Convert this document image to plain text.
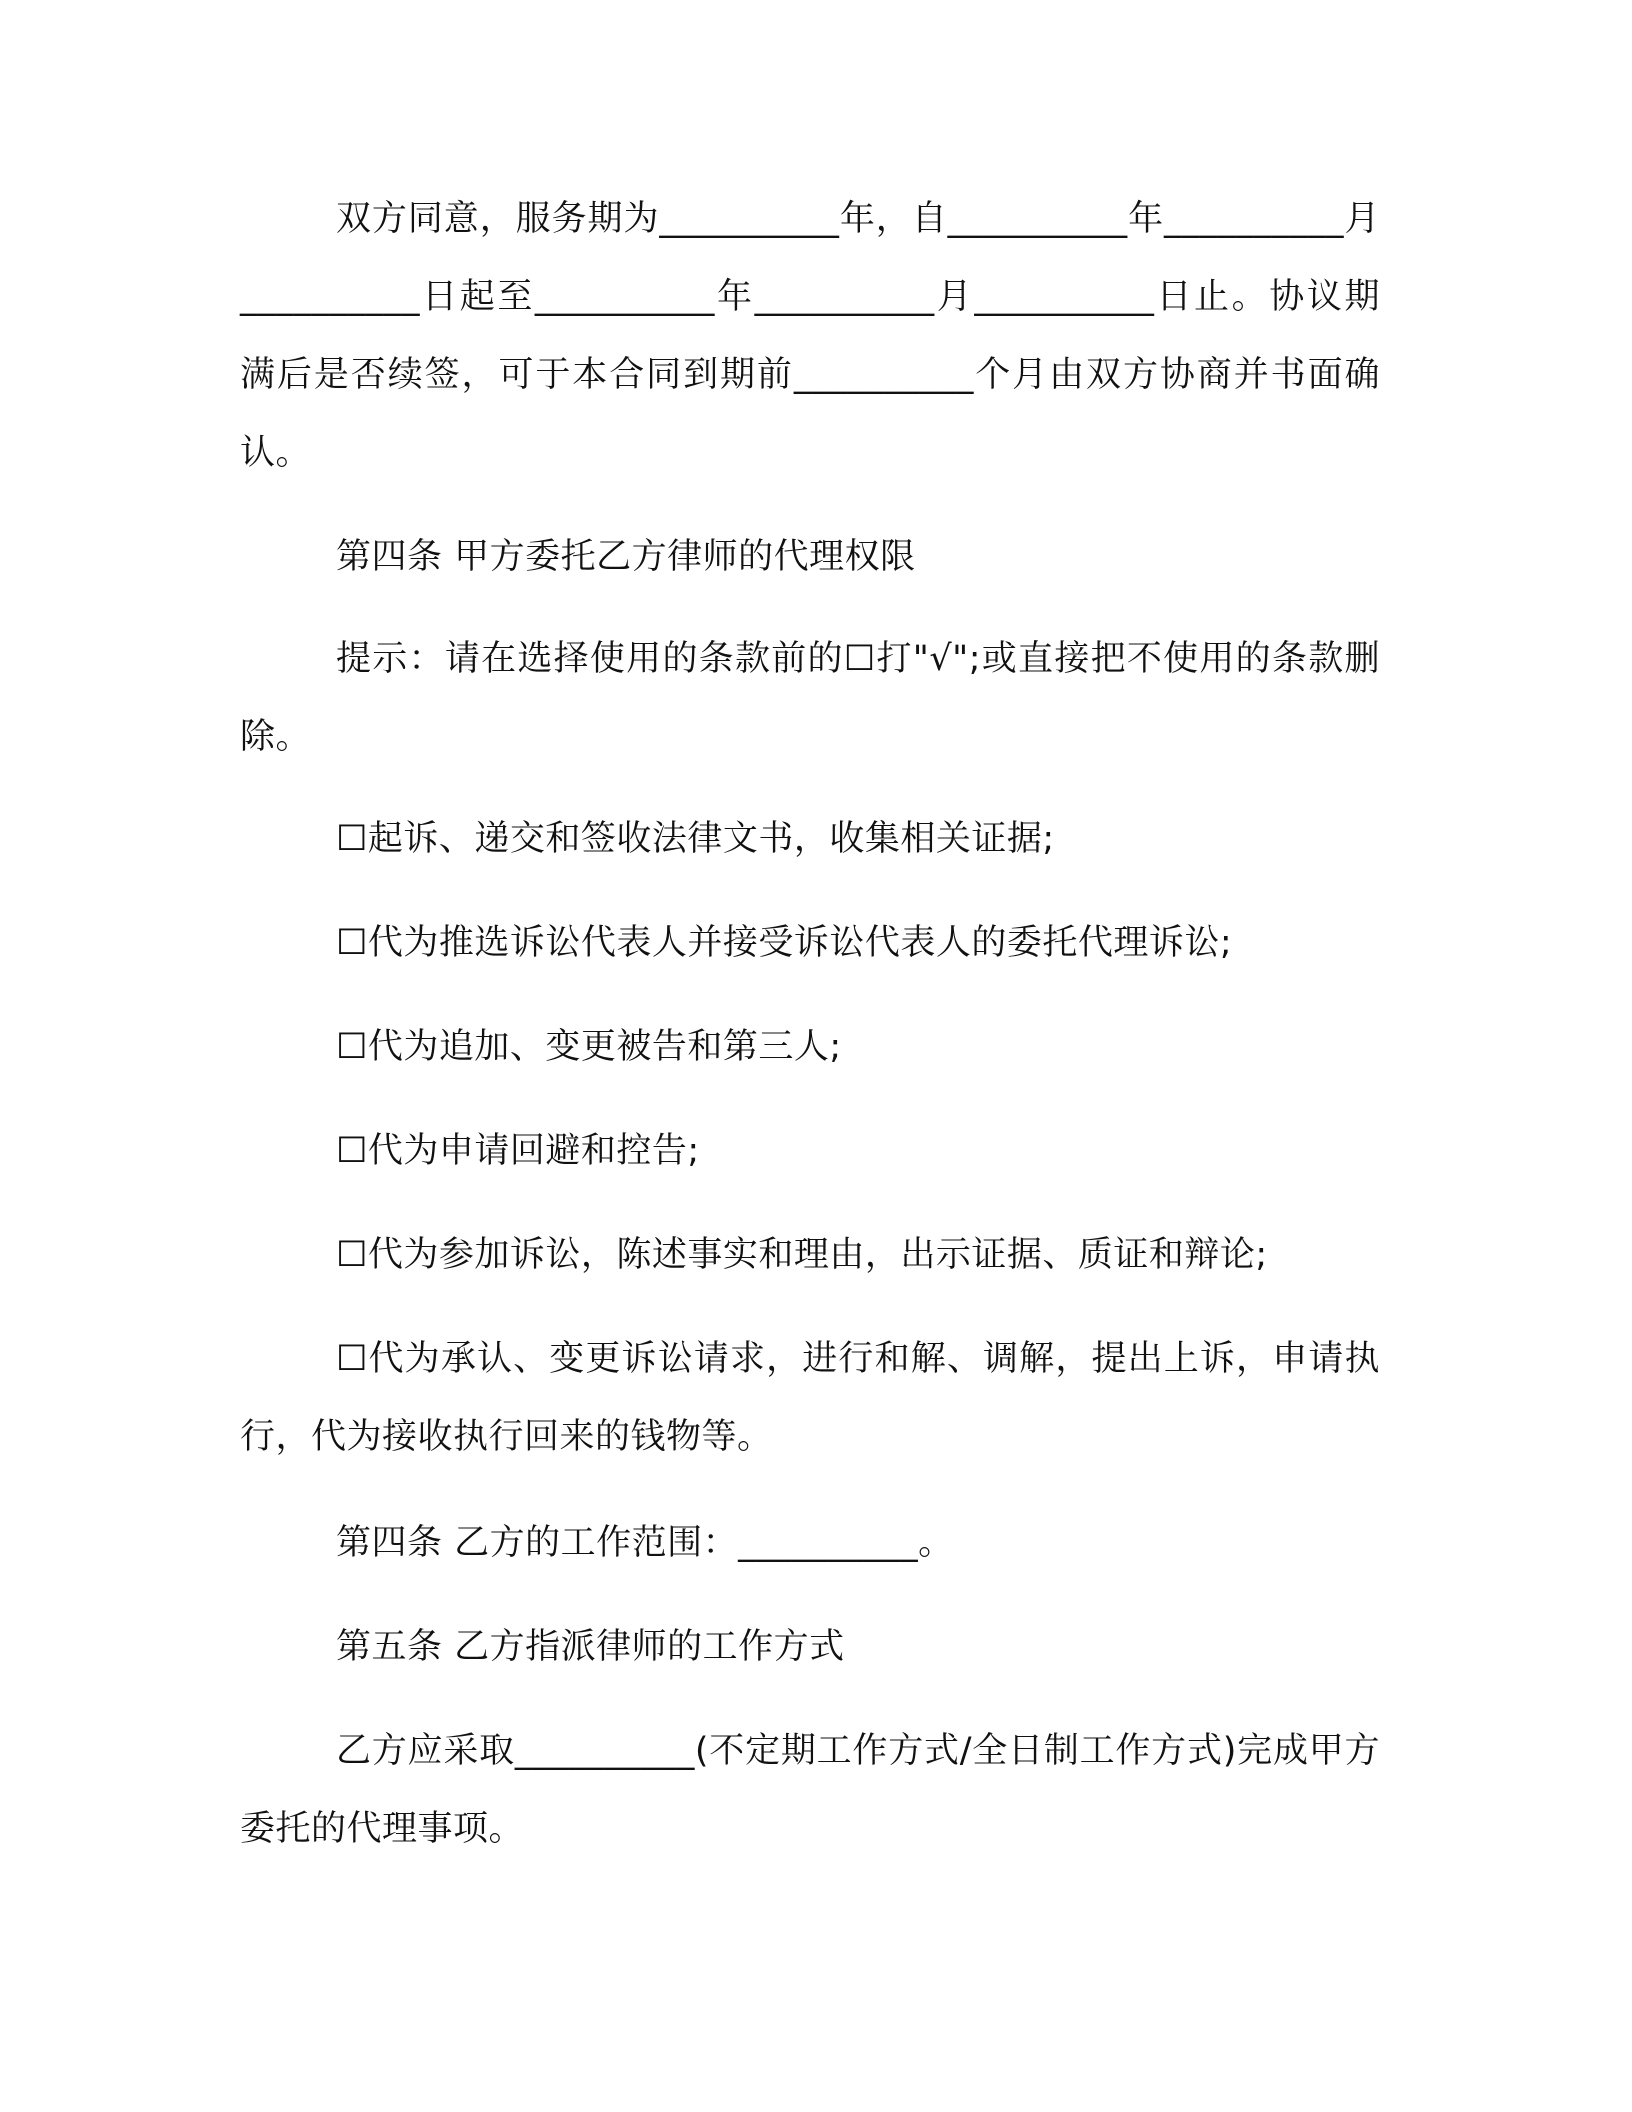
双方同意，服务期为__________年，自__________年__________月__________日起至__________年__________月__________日止。协议期满后是否续签，可于本合同到期前__________个月由双方协商并书面确认。

第四条 甲方委托乙方律师的代理权限

提示：请在选择使用的条款前的☐打"√";或直接把不使用的条款删除。

☐起诉、递交和签收法律文书，收集相关证据;

☐代为推选诉讼代表人并接受诉讼代表人的委托代理诉讼;

☐代为追加、变更被告和第三人;

☐代为申请回避和控告;

☐代为参加诉讼，陈述事实和理由，出示证据、质证和辩论;

☐代为承认、变更诉讼请求，进行和解、调解，提出上诉，申请执行，代为接收执行回来的钱物等。

第四条 乙方的工作范围：__________。

第五条 乙方指派律师的工作方式

乙方应采取__________(不定期工作方式/全日制工作方式)完成甲方委托的代理事项。
